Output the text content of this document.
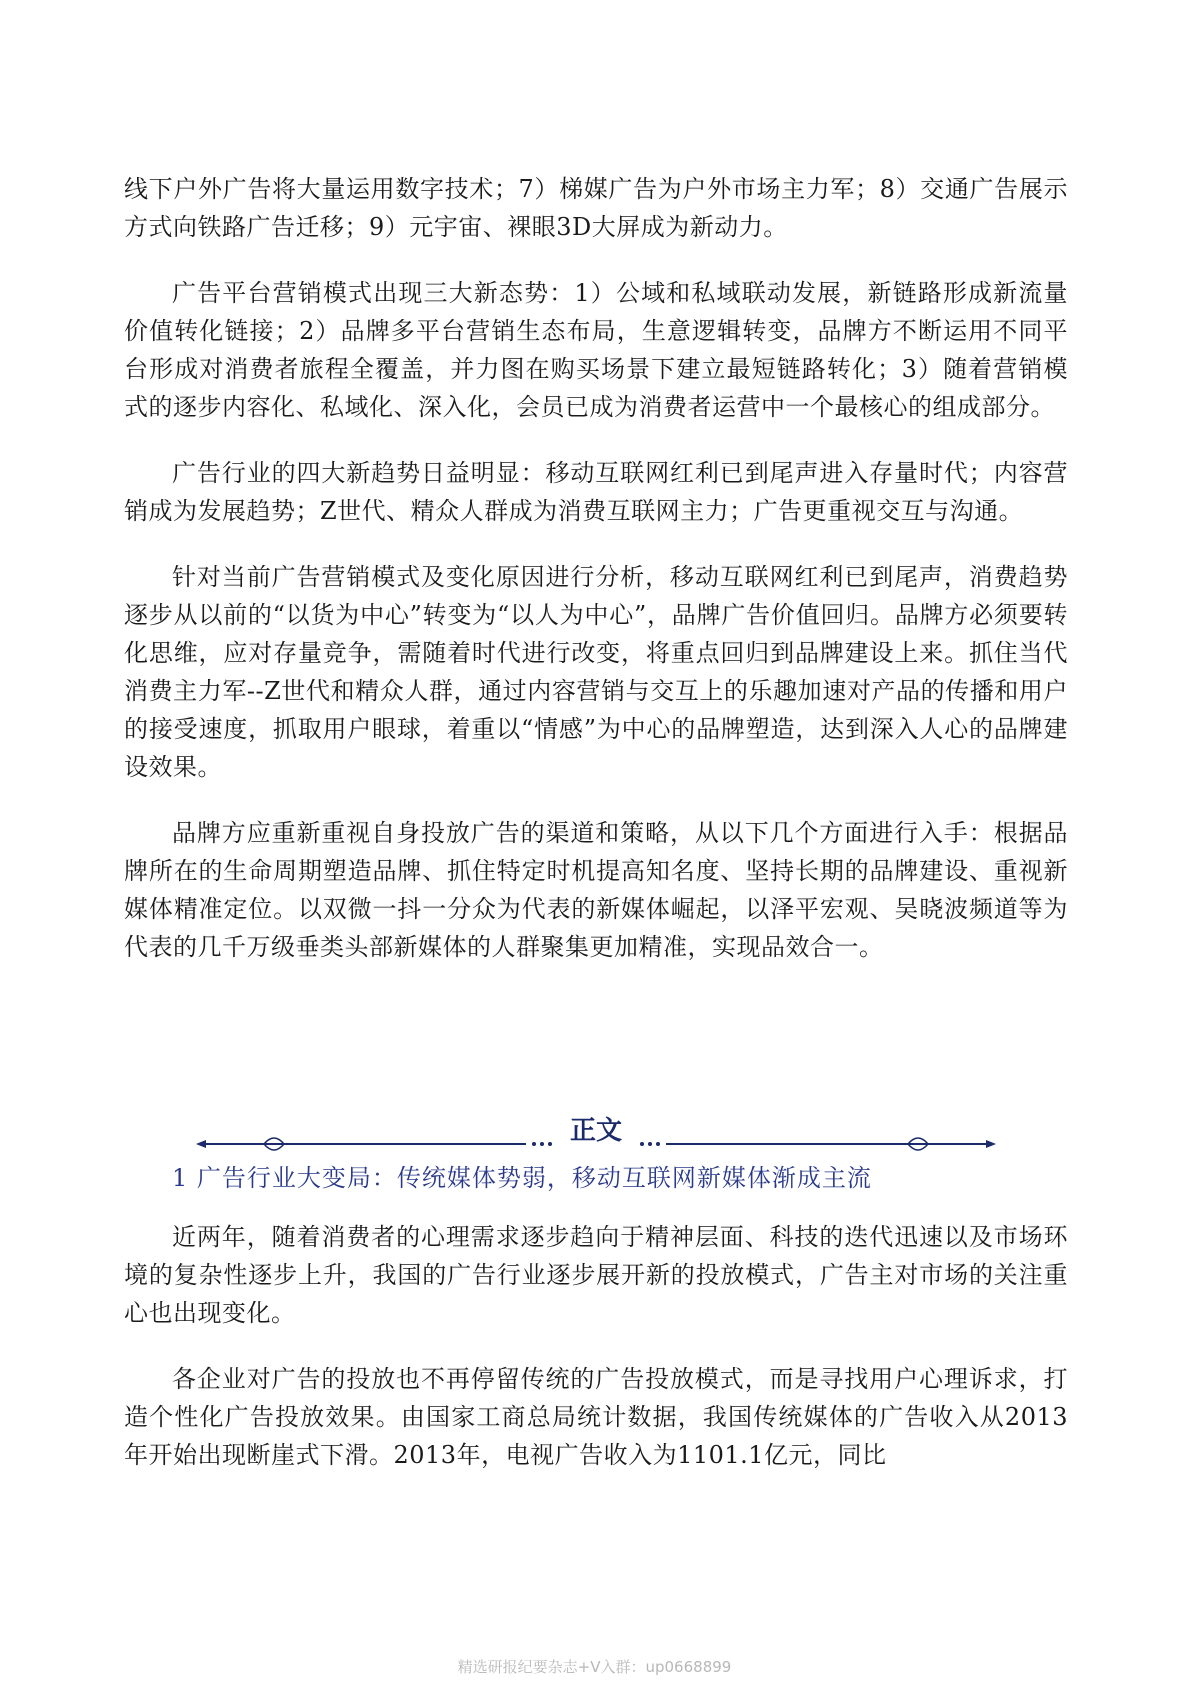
线下户外广告将大量运用数字技术；7）梯媒广告为户外市场主力军；8）交通广告展示方式向铁路广告迁移；9）元宇宙、裸眼3D大屏成为新动力。

广告平台营销模式出现三大新态势：1）公域和私域联动发展，新链路形成新流量价值转化链接；2）品牌多平台营销生态布局，生意逻辑转变，品牌方不断运用不同平台形成对消费者旅程全覆盖，并力图在购买场景下建立最短链路转化；3）随着营销模式的逐步内容化、私域化、深入化，会员已成为消费者运营中一个最核心的组成部分。

广告行业的四大新趋势日益明显：移动互联网红利已到尾声进入存量时代；内容营销成为发展趋势；Z世代、精众人群成为消费互联网主力；广告更重视交互与沟通。

针对当前广告营销模式及变化原因进行分析，移动互联网红利已到尾声，消费趋势逐步从以前的“以货为中心”转变为“以人为中心”，品牌广告价值回归。品牌方必须要转化思维，应对存量竞争，需随着时代进行改变，将重点回归到品牌建设上来。抓住当代消费主力军--Z世代和精众人群，通过内容营销与交互上的乐趣加速对产品的传播和用户的接受速度，抓取用户眼球，着重以“情感”为中心的品牌塑造，达到深入人心的品牌建设效果。

品牌方应重新重视自身投放广告的渠道和策略，从以下几个方面进行入手：根据品牌所在的生命周期塑造品牌、抓住特定时机提高知名度、坚持长期的品牌建设、重视新媒体精准定位。以双微一抖一分众为代表的新媒体崛起，以泽平宏观、吴晓波频道等为代表的几千万级垂类头部新媒体的人群聚集更加精准，实现品效合一。

正文
1 广告行业大变局：传统媒体势弱，移动互联网新媒体渐成主流

近两年，随着消费者的心理需求逐步趋向于精神层面、科技的迭代迅速以及市场环境的复杂性逐步上升，我国的广告行业逐步展开新的投放模式，广告主对市场的关注重心也出现变化。

各企业对广告的投放也不再停留传统的广告投放模式，而是寻找用户心理诉求，打造个性化广告投放效果。由国家工商总局统计数据，我国传统媒体的广告收入从2013年开始出现断崖式下滑。2013年，电视广告收入为1101.1亿元，同比

精选研报纪要杂志+V入群：up0668899
